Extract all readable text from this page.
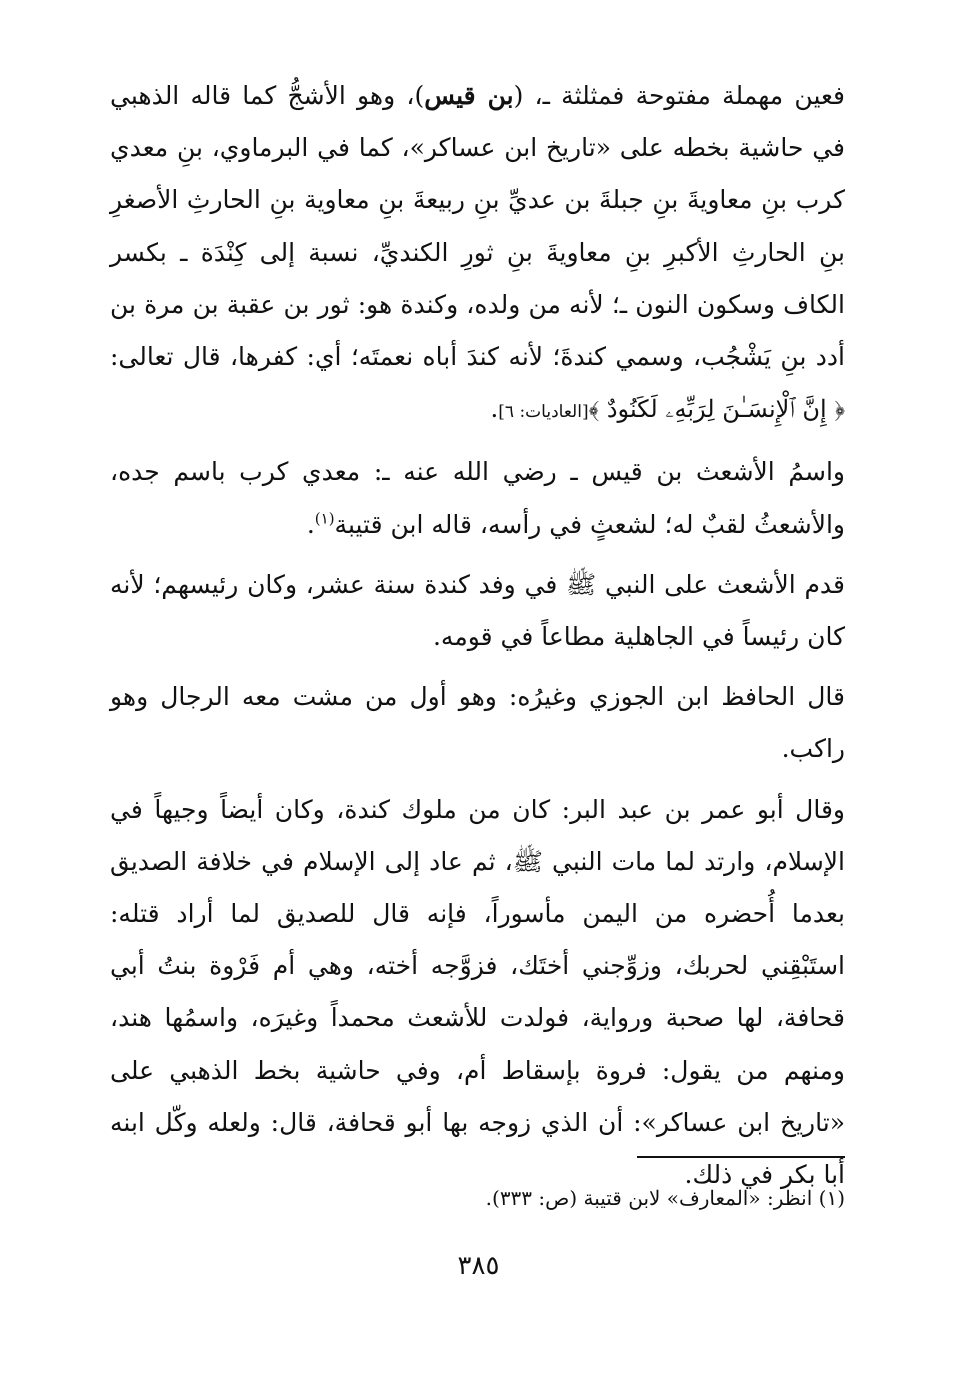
فعين مهملة مفتوحة فمثلثة ـ، (بن قيس)، وهو الأشجُّ كما قاله الذهبي في حاشية بخطه على «تاريخ ابن عساكر»، كما في البرماوي، بنِ معدي كرب بنِ معاويةَ بنِ جبلةَ بن عديِّ بنِ ربيعةَ بنِ معاوية بنِ الحارثِ الأصغرِ بنِ الحارثِ الأكبرِ بنِ معاويةَ بنِ ثورِ الكنديِّ، نسبة إلى كِنْدَة ـ بكسر الكاف وسكون النون ـ؛ لأنه من ولده، وكندة هو: ثور بن عقبة بن مرة بن أدد بنِ يَشْجُب، وسمي كندةَ؛ لأنه كندَ أباه نعمتَه؛ أي: كفرها، قال تعالى: ﴿ إِنَّ ٱلْإِنسَـٰنَ لِرَبِّهِۦ لَكَنُودٌ ﴾[العاديات: ٦].

واسمُ الأشعث بن قيس ـ رضي الله عنه ـ: معدي كرب باسم جده، والأشعثُ لقبٌ له؛ لشعثٍ في رأسه، قاله ابن قتيبة$^{(١)}$.

قدم الأشعث على النبي ﷺ في وفد كندة سنة عشر، وكان رئيسهم؛ لأنه كان رئيساً في الجاهلية مطاعاً في قومه.

قال الحافظ ابن الجوزي وغيرُه: وهو أول من مشت معه الرجال وهو راكب.

وقال أبو عمر بن عبد البر: كان من ملوك كندة، وكان أيضاً وجيهاً في الإسلام، وارتد لما مات النبي ﷺ، ثم عاد إلى الإسلام في خلافة الصديق بعدما أُحضره من اليمن مأسوراً، فإنه قال للصديق لما أراد قتله: استَبْقِني لحربك، وزوِّجني أختَك، فزوَّجه أخته، وهي أم فَرْوة بنتُ أبي قحافة، لها صحبة ورواية، فولدت للأشعث محمداً وغيرَه، واسمُها هند، ومنهم من يقول: فروة بإسقاط أم، وفي حاشية بخط الذهبي على «تاريخ ابن عساكر»: أن الذي زوجه بها أبو قحافة، قال: ولعله وكّل ابنه أبا بكر في ذلك.

(١) انظر: «المعارف» لابن قتيبة (ص: ٣٣٣).
٣٨٥
